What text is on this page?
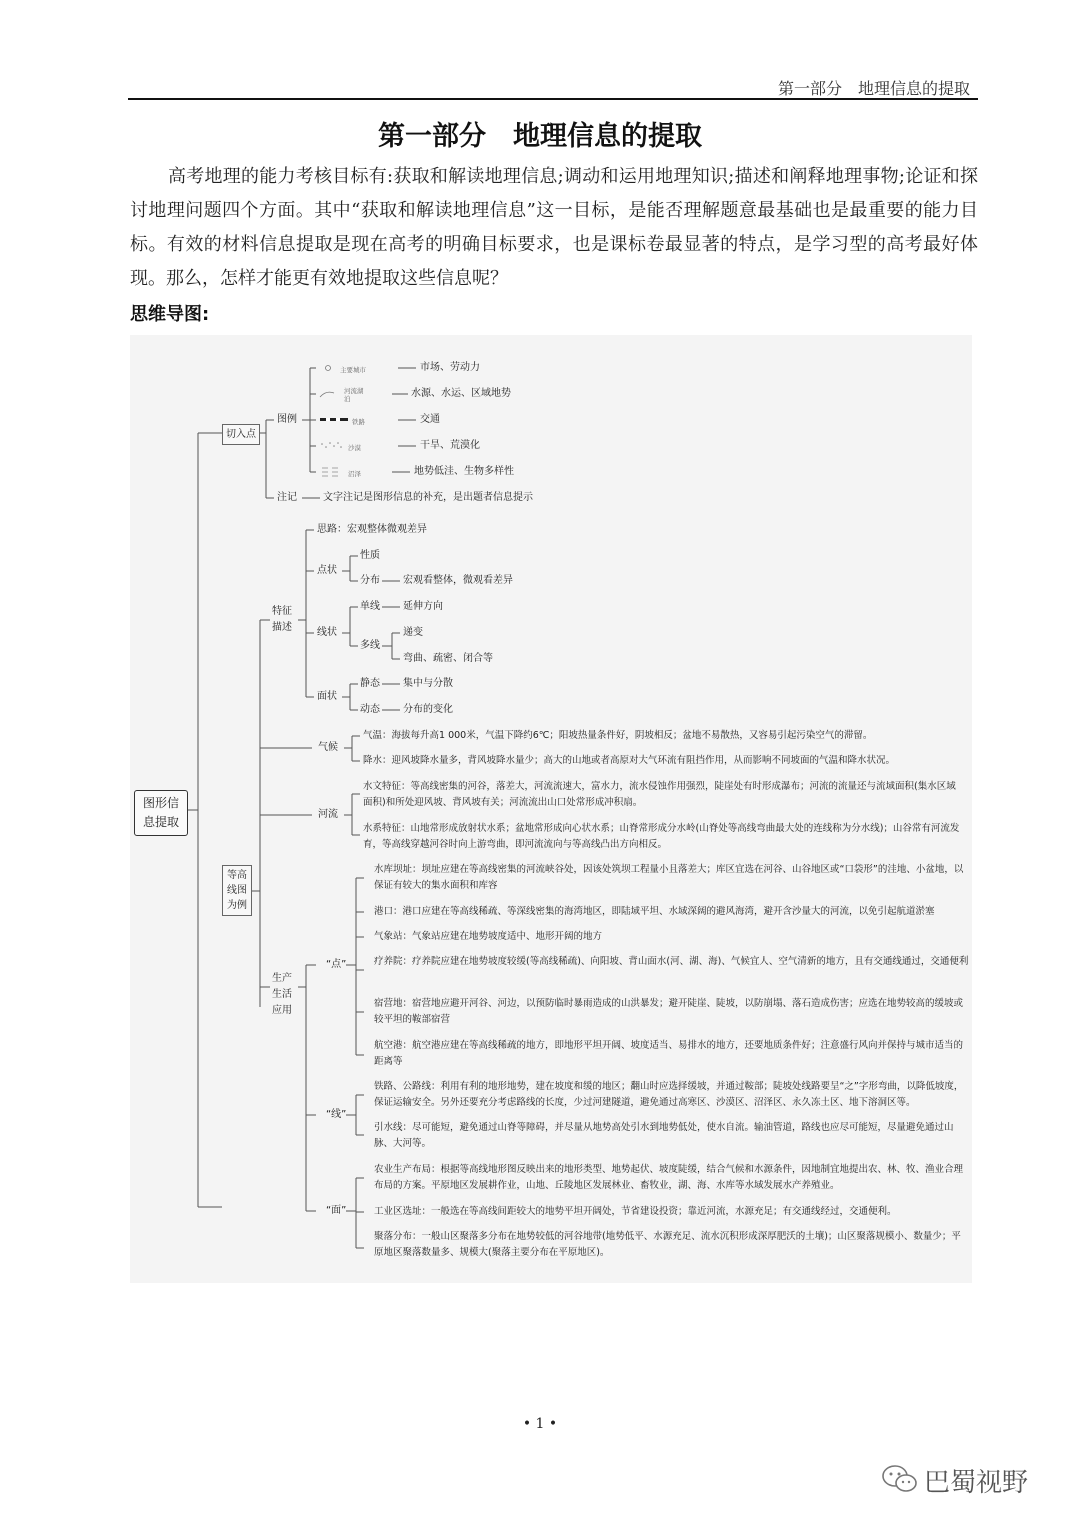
第一部分　地理信息的提取
第一部分　地理信息的提取

高考地理的能力考核目标有:获取和解读地理信息;调动和运用地理知识;描述和阐释地理事物;论证和探讨地理问题四个方面。其中“获取和解读地理信息”这一目标，是能否理解题意最基础也是最重要的能力目标。有效的材料信息提取是现在高考的明确目标要求，也是课标卷最显著的特点，是学习型的高考最好体现。那么，怎样才能更有效地提取这些信息呢？

思维导图:
图形信息提取
切入点
图例
主要城市	市场、劳动力
河流湖泊	水源、水运、区域地势
铁路	交通
沙漠	干旱、荒漠化
沼泽	地势低洼、生物多样性
注记	文字注记是图形信息的补充，是出题者信息提示
等高线图为例
特征描述
思路：宏观整体微观差异
点状
性质
分布 宏观看整体，微观看差异
线状
单线 延伸方向
多线
递变
弯曲、疏密、闭合等
面状
静态 集中与分散
动态 分布的变化
气候
气温：海拔每升高1 000米，气温下降约6℃；阳坡热量条件好，阴坡相反；盆地不易散热，又容易引起污染空气的滞留。
降水：迎风坡降水量多，背风坡降水量少；高大的山地或者高原对大气环流有阻挡作用，从而影响不同坡面的气温和降水状况。
河流
水文特征：等高线密集的河谷，落差大，河流流速大，富水力，流水侵蚀作用强烈，陡崖处有时形成瀑布；河流的流量还与流域面积(集水区域面积)和所处迎风坡、背风坡有关；河流流出山口处常形成冲积扇。
水系特征：山地常形成放射状水系；盆地常形成向心状水系；山脊常形成分水岭(山脊处等高线弯曲最大处的连线称为分水线)；山谷常有河流发育，等高线穿越河谷时向上游弯曲，即河流流向与等高线凸出方向相反。
生产生活应用
“点”
水库坝址：坝址应建在等高线密集的河流峡谷处，因该处筑坝工程量小且落差大；库区宜选在河谷、山谷地区或“口袋形”的洼地、小盆地，以保证有较大的集水面积和库容
港口：港口应建在等高线稀疏、等深线密集的海湾地区，即陆域平坦、水域深阔的避风海湾，避开含沙量大的河流，以免引起航道淤塞
气象站：气象站应建在地势坡度适中、地形开阔的地方
疗养院：疗养院应建在地势坡度较缓(等高线稀疏)、向阳坡、背山面水(河、湖、海)、气候宜人、空气清新的地方，且有交通线通过，交通便利
宿营地：宿营地应避开河谷、河边，以预防临时暴雨造成的山洪暴发；避开陡崖、陡坡，以防崩塌、落石造成伤害；应选在地势较高的缓坡或较平坦的鞍部宿营
航空港：航空港应建在等高线稀疏的地方，即地形平坦开阔、坡度适当、易排水的地方，还要地质条件好；注意盛行风向并保持与城市适当的距离等
“线”
铁路、公路线：利用有利的地形地势，建在坡度和缓的地区；翻山时应选择缓坡，并通过鞍部；陡坡处线路要呈“之”字形弯曲，以降低坡度，保证运输安全。另外还要充分考虑路线的长度，少过河建隧道，避免通过高寒区、沙漠区、沼泽区、永久冻土区、地下溶洞区等。
引水线：尽可能短，避免通过山脊等障碍，并尽量从地势高处引水到地势低处，使水自流。输油管道，路线也应尽可能短，尽量避免通过山脉、大河等。
“面”
农业生产布局：根据等高线地形图反映出来的地形类型、地势起伏、坡度陡缓，结合气候和水源条件，因地制宜地提出农、林、牧、渔业合理布局的方案。平原地区发展耕作业，山地、丘陵地区发展林业、畜牧业，湖、海、水库等水域发展水产养殖业。
工业区选址：一般选在等高线间距较大的地势平坦开阔处，节省建设投资；靠近河流，水源充足；有交通线经过，交通便利。
聚落分布：一般山区聚落多分布在地势较低的河谷地带(地势低平、水源充足、流水沉积形成深厚肥沃的土壤)；山区聚落规模小、数量少；平原地区聚落数量多、规模大(聚落主要分布在平原地区)。
• 1 •
巴蜀视野
